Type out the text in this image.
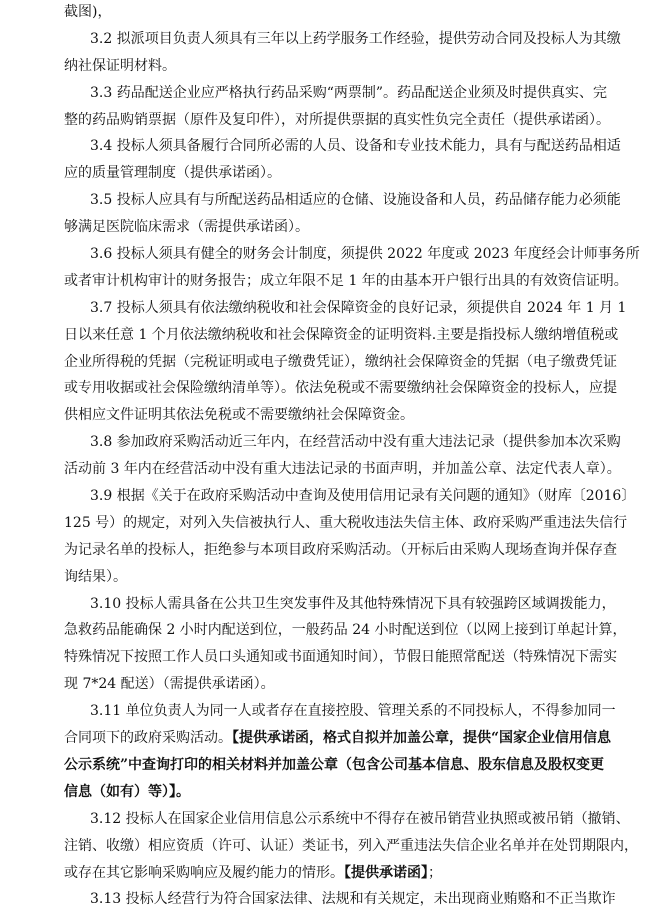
截图)，
3.2 拟派项目负责人须具有三年以上药学服务工作经验，提供劳动合同及投标人为其缴
纳社保证明材料。
3.3 药品配送企业应严格执行药品采购“两票制”。药品配送企业须及时提供真实、完
整的药品购销票据（原件及复印件），对所提供票据的真实性负完全责任（提供承诺函）。
3.4 投标人须具备履行合同所必需的人员、设备和专业技术能力，具有与配送药品相适
应的质量管理制度（提供承诺函）。
3.5 投标人应具有与所配送药品相适应的仓储、设施设备和人员，药品储存能力必须能
够满足医院临床需求（需提供承诺函）。
3.6 投标人须具有健全的财务会计制度，须提供 2022 年度或 2023 年度经会计师事务所
或者审计机构审计的财务报告；成立年限不足 1 年的由基本开户银行出具的有效资信证明。
3.7 投标人须具有依法缴纳税收和社会保障资金的良好记录，须提供自 2024 年 1 月 1
日以来任意 1 个月依法缴纳税收和社会保障资金的证明资料.主要是指投标人缴纳增值税或
企业所得税的凭据（完税证明或电子缴费凭证），缴纳社会保障资金的凭据（电子缴费凭证
或专用收据或社会保险缴纳清单等）。依法免税或不需要缴纳社会保障资金的投标人，应提
供相应文件证明其依法免税或不需要缴纳社会保障资金。
3.8 参加政府采购活动近三年内，在经营活动中没有重大违法记录（提供参加本次采购
活动前 3 年内在经营活动中没有重大违法记录的书面声明，并加盖公章、法定代表人章）。
3.9 根据《关于在政府采购活动中查询及使用信用记录有关问题的通知》（财库〔2016〕
125 号）的规定，对列入失信被执行人、重大税收违法失信主体、政府采购严重违法失信行
为记录名单的投标人，拒绝参与本项目政府采购活动。（开标后由采购人现场查询并保存查
询结果）。
3.10 投标人需具备在公共卫生突发事件及其他特殊情况下具有较强跨区域调拨能力，
急救药品能确保 2 小时内配送到位，一般药品 24 小时配送到位（以网上接到订单起计算，
特殊情况下按照工作人员口头通知或书面通知时间），节假日能照常配送（特殊情况下需实
现 7*24 配送）（需提供承诺函）。
3.11 单位负责人为同一人或者存在直接控股、管理关系的不同投标人，不得参加同一
合同项下的政府采购活动。【提供承诺函，格式自拟并加盖公章，提供“国家企业信用信息
公示系统”中查询打印的相关材料并加盖公章（包含公司基本信息、股东信息及股权变更
信息（如有）等）】。
3.12 投标人在国家企业信用信息公示系统中不得存在被吊销营业执照或被吊销（撤销、
注销、收缴）相应资质（许可、认证）类证书，列入严重违法失信企业名单并在处罚期限内，
或存在其它影响采购响应及履约能力的情形。【提供承诺函】；
3.13 投标人经营行为符合国家法律、法规和有关规定，未出现商业贿赂和不正当欺诈
